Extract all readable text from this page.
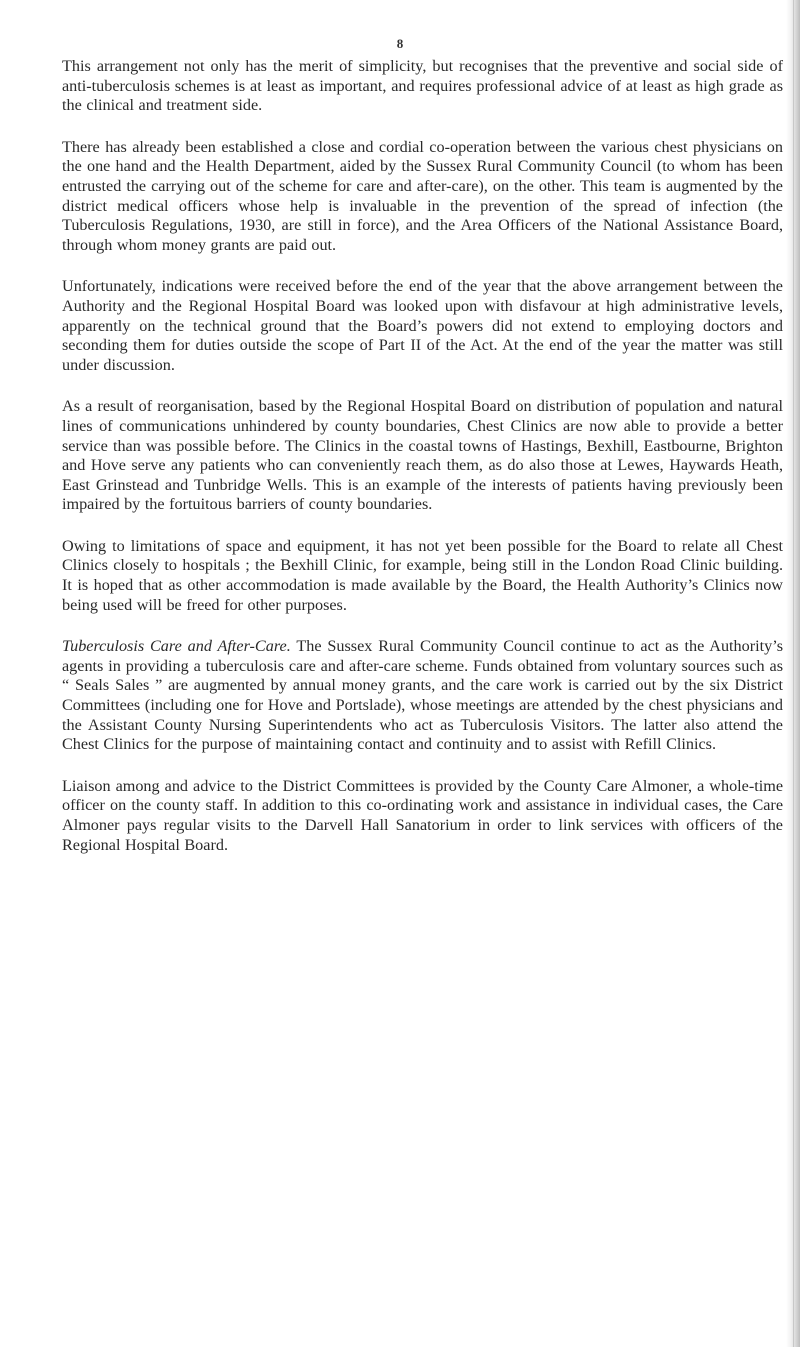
8

This arrangement not only has the merit of simplicity, but recognises that the preventive and social side of anti-tuberculosis schemes is at least as important, and requires professional advice of at least as high grade as the clinical and treatment side.

There has already been established a close and cordial co-operation between the various chest physicians on the one hand and the Health Department, aided by the Sussex Rural Community Council (to whom has been entrusted the carrying out of the scheme for care and after-care), on the other. This team is augmented by the district medical officers whose help is invaluable in the prevention of the spread of infection (the Tuberculosis Regulations, 1930, are still in force), and the Area Officers of the National Assistance Board, through whom money grants are paid out.

Unfortunately, indications were received before the end of the year that the above arrangement between the Authority and the Regional Hospital Board was looked upon with disfavour at high administrative levels, apparently on the technical ground that the Board’s powers did not extend to employing doctors and seconding them for duties outside the scope of Part II of the Act. At the end of the year the matter was still under discussion.

As a result of reorganisation, based by the Regional Hospital Board on distribution of population and natural lines of communications unhindered by county boundaries, Chest Clinics are now able to provide a better service than was possible before. The Clinics in the coastal towns of Hastings, Bexhill, Eastbourne, Brighton and Hove serve any patients who can conveniently reach them, as do also those at Lewes, Haywards Heath, East Grinstead and Tunbridge Wells. This is an example of the interests of patients having previously been impaired by the fortuitous barriers of county boundaries.

Owing to limitations of space and equipment, it has not yet been possible for the Board to relate all Chest Clinics closely to hospitals ; the Bexhill Clinic, for example, being still in the London Road Clinic building. It is hoped that as other accommodation is made available by the Board, the Health Authority’s Clinics now being used will be freed for other purposes.

Tuberculosis Care and After-Care. The Sussex Rural Community Council continue to act as the Authority’s agents in providing a tuberculosis care and after-care scheme. Funds obtained from voluntary sources such as “ Seals Sales ” are augmented by annual money grants, and the care work is carried out by the six District Committees (including one for Hove and Portslade), whose meetings are attended by the chest physicians and the Assistant County Nursing Superintendents who act as Tuberculosis Visitors. The latter also attend the Chest Clinics for the purpose of maintaining contact and continuity and to assist with Refill Clinics.

Liaison among and advice to the District Committees is provided by the County Care Almoner, a whole-time officer on the county staff. In addition to this co-ordinating work and assistance in individual cases, the Care Almoner pays regular visits to the Darvell Hall Sanatorium in order to link services with officers of the Regional Hospital Board.
